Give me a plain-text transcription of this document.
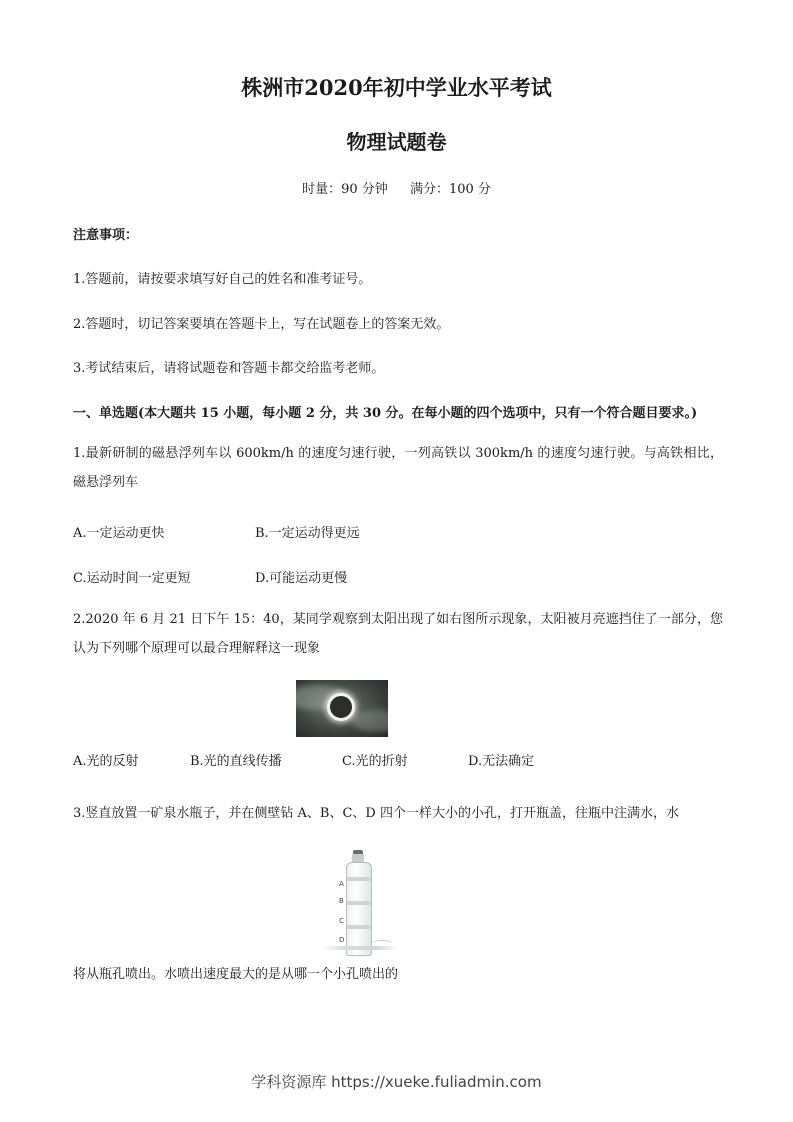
株洲市2020年初中学业水平考试
物理试题卷
时量：90 分钟 满分：100 分
注意事项：
1.答题前，请按要求填写好自己的姓名和准考证号。
2.答题时，切记答案要填在答题卡上，写在试题卷上的答案无效。
3.考试结束后，请将试题卷和答题卡都交给监考老师。
一、单选题(本大题共 15 小题，每小题 2 分，共 30 分。在每小题的四个选项中，只有一个符合题目要求。)
1.最新研制的磁悬浮列车以 600km/h 的速度匀速行驶，一列高铁以 300km/h 的速度匀速行驶。与高铁相比，磁悬浮列车
A.一定运动更快	B.一定运动得更远
C.运动时间一定更短	D.可能运动更慢
2.2020 年 6 月 21 日下午 15：40，某同学观察到太阳出现了如右图所示现象，太阳被月亮遮挡住了一部分，您认为下列哪个原理可以最合理解释这一现象
A.光的反射	B.光的直线传播	C.光的折射	D.无法确定
3.竖直放置一矿泉水瓶子，并在侧壁钻 A、B、C、D 四个一样大小的小孔，打开瓶盖，往瓶中注满水，水
A
B
C
D
将从瓶孔喷出。水喷出速度最大的是从哪一个小孔喷出的
学科资源库 https://xueke.fuliadmin.com
